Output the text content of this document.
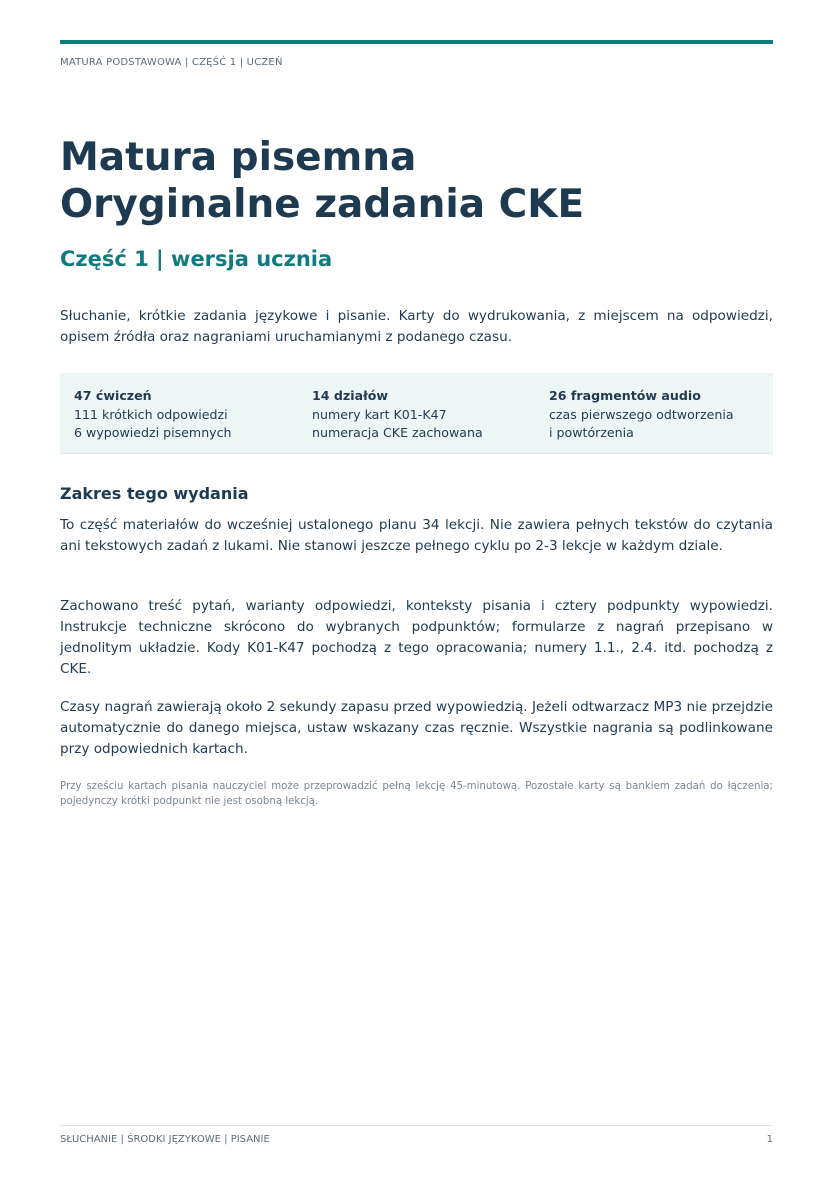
MATURA PODSTAWOWA | CZĘŚĆ 1 | UCZEŃ
Matura pisemna
Oryginalne zadania CKE
Część 1 | wersja ucznia

Słuchanie, krótkie zadania językowe i pisanie. Karty do wydrukowania, z miejscem na odpowiedzi, opisem źródła oraz nagraniami uruchamianymi z podanego czasu.

47 ćwiczeń
111 krótkich odpowiedzi
6 wypowiedzi pisemnych
14 działów
numery kart K01-K47
numeracja CKE zachowana
26 fragmentów audio
czas pierwszego odtworzenia
i powtórzenia
Zakres tego wydania

To część materiałów do wcześniej ustalonego planu 34 lekcji. Nie zawiera pełnych tekstów do czytania ani tekstowych zadań z lukami. Nie stanowi jeszcze pełnego cyklu po 2-3 lekcje w każdym dziale.

Zachowano treść pytań, warianty odpowiedzi, konteksty pisania i cztery podpunkty wypowiedzi. Instrukcje techniczne skrócono do wybranych podpunktów; formularze z nagrań przepisano w jednolitym układzie. Kody K01-K47 pochodzą z tego opracowania; numery 1.1., 2.4. itd. pochodzą z CKE.

Czasy nagrań zawierają około 2 sekundy zapasu przed wypowiedzią. Jeżeli odtwarzacz MP3 nie przejdzie automatycznie do danego miejsca, ustaw wskazany czas ręcznie. Wszystkie nagrania są podlinkowane przy odpowiednich kartach.

Przy sześciu kartach pisania nauczyciel może przeprowadzić pełną lekcję 45-minutową. Pozostałe karty są bankiem zadań do łączenia; pojedynczy krótki podpunkt nie jest osobną lekcją.

SŁUCHANIE | ŚRODKI JĘZYKOWE | PISANIE	1
